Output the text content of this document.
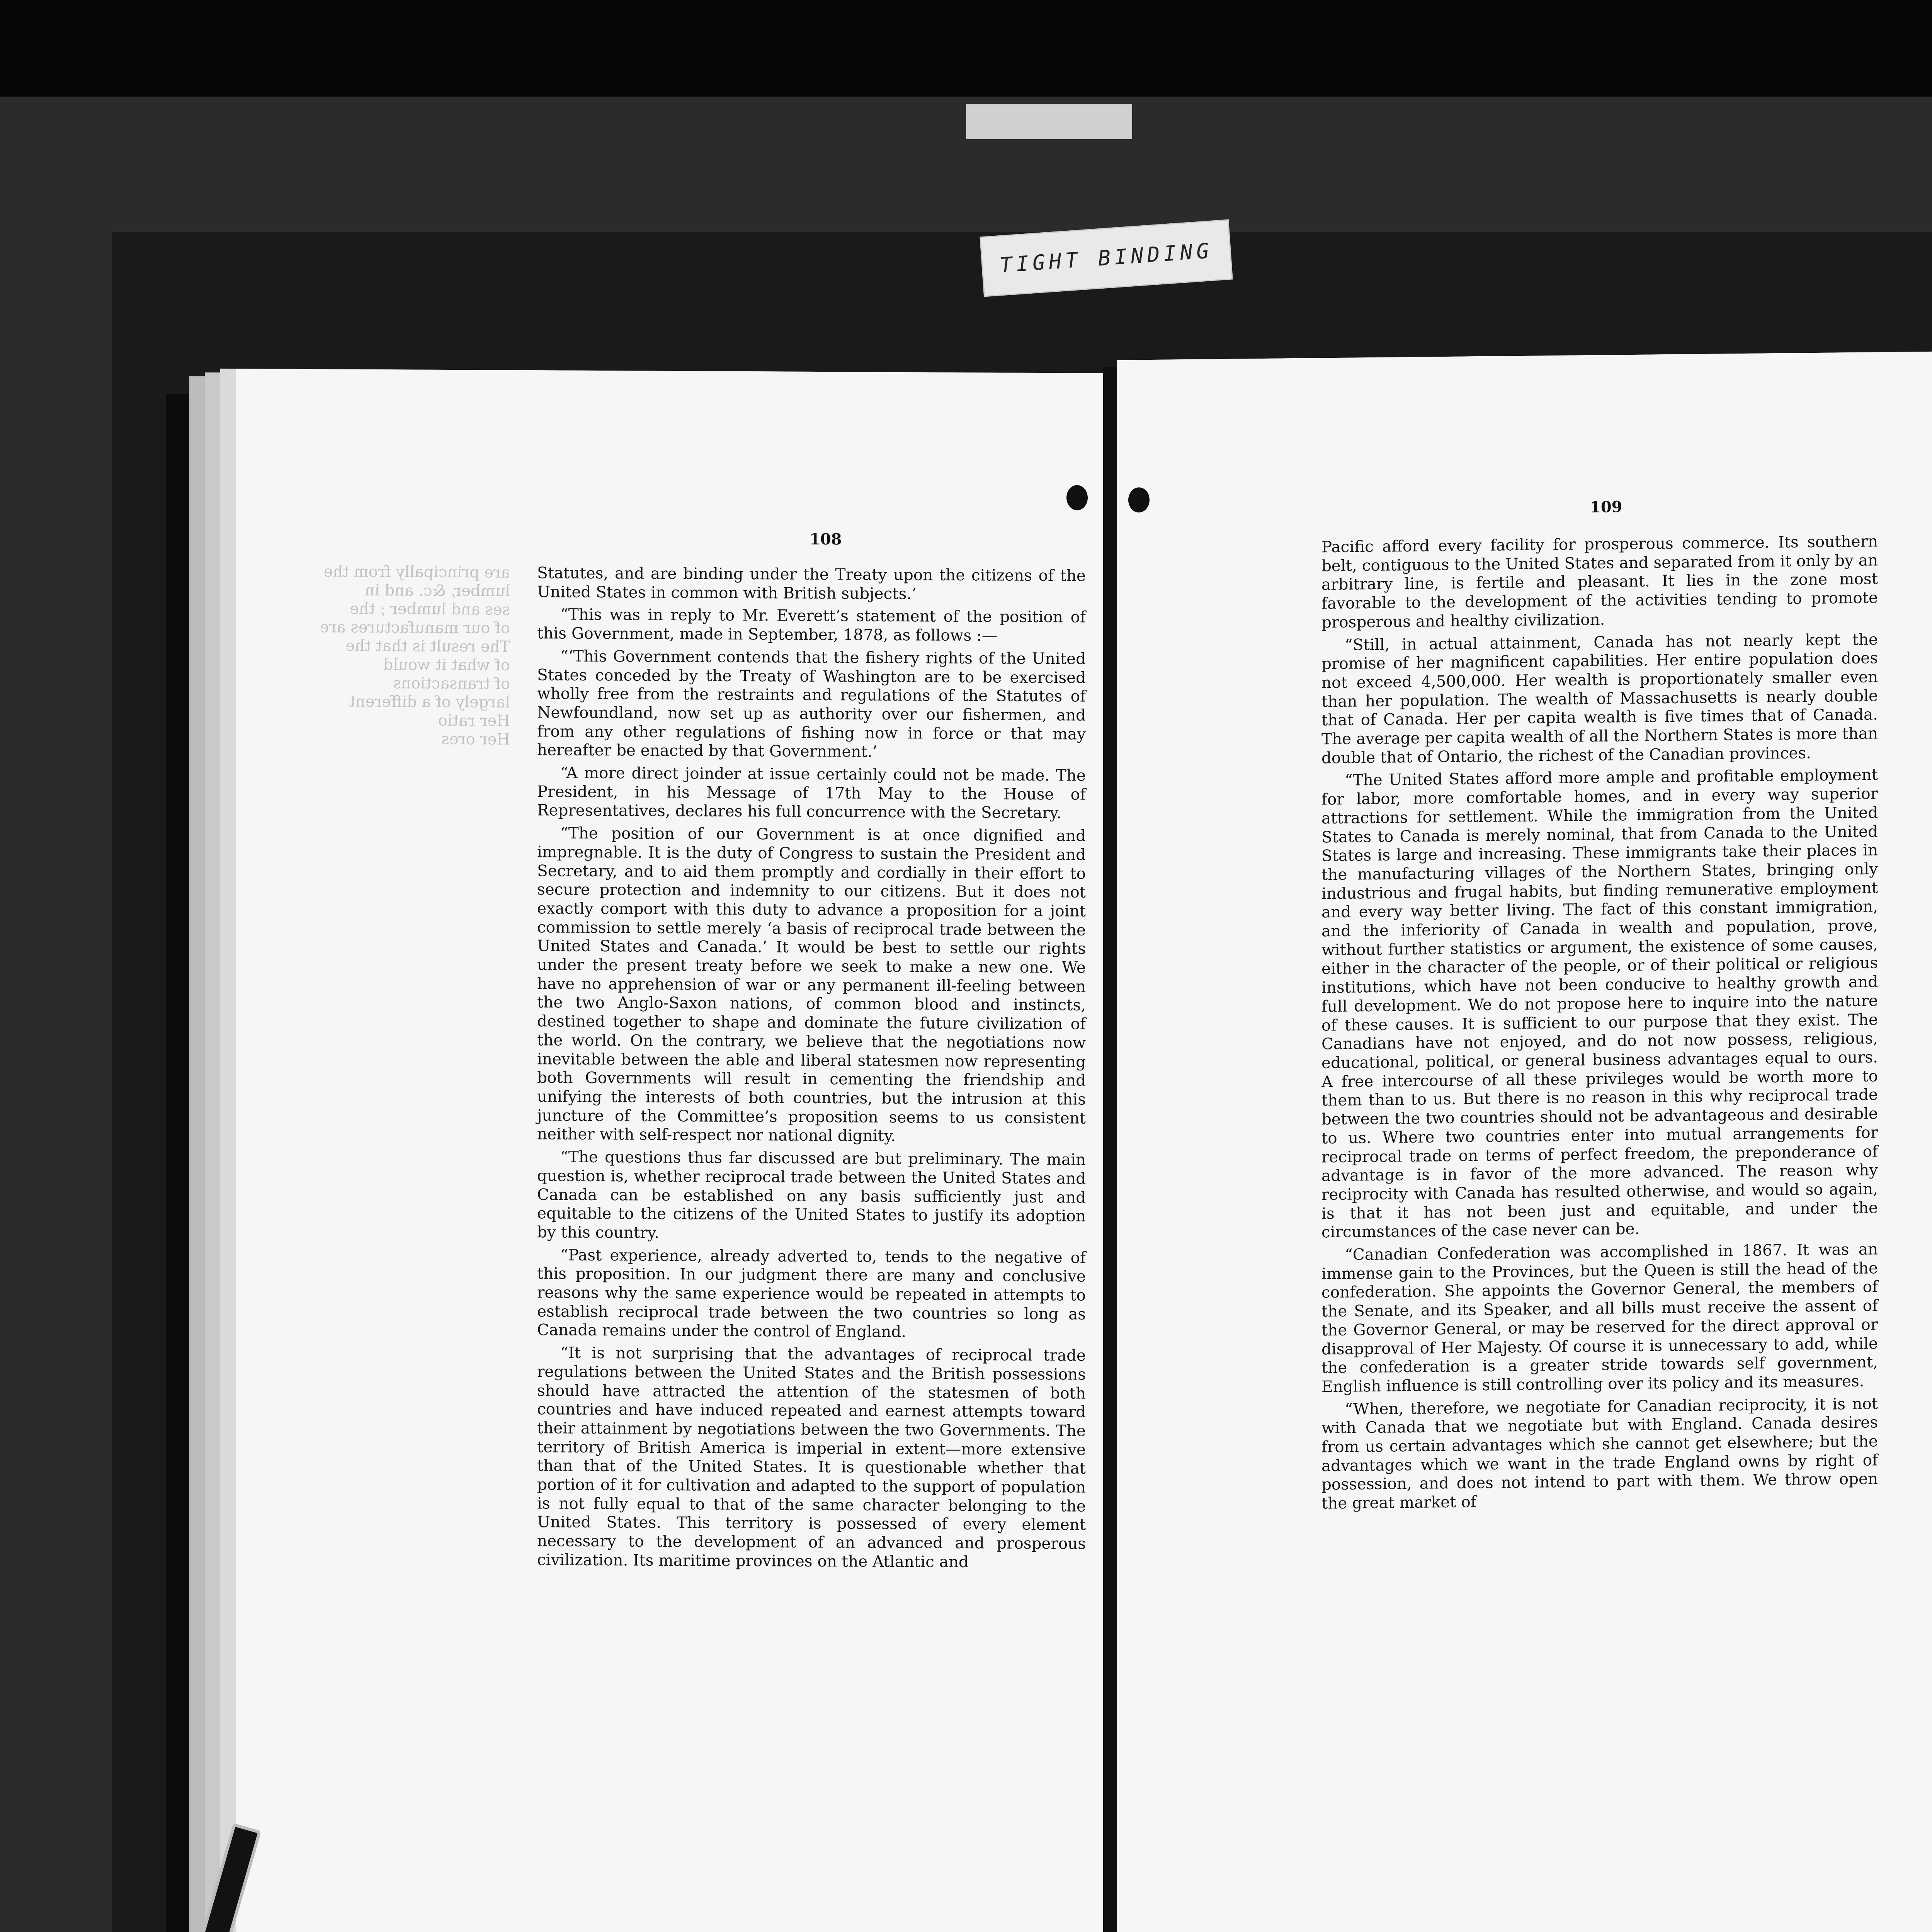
TIGHT BINDING
are principally from the
lumber, &c. and in
ses and lumber ; the
of our manufactures are
The result is that the
of what it would
of transactions
largely of a different
Her ratio
Her ores
108

Statutes, and are binding under the Treaty upon the citizens of the United States in common with British subjects.’

“This was in reply to Mr. Everett’s statement of the position of this Government, made in September, 1878, as follows :—

“‘This Government contends that the fishery rights of the United States conceded by the Treaty of Washington are to be exercised wholly free from the restraints and regulations of the Statutes of Newfoundland, now set up as authority over our fishermen, and from any other regulations of fishing now in force or that may hereafter be enacted by that Government.’

“A more direct joinder at issue certainly could not be made. The President, in his Message of 17th May to the House of Representatives, declares his full concurrence with the Secretary.

“The position of our Government is at once dignified and impregnable. It is the duty of Congress to sustain the President and Secretary, and to aid them promptly and cordially in their effort to secure protection and indemnity to our citizens. But it does not exactly comport with this duty to advance a proposition for a joint commission to settle merely ‘a basis of reciprocal trade between the United States and Canada.’ It would be best to settle our rights under the present treaty before we seek to make a new one. We have no apprehension of war or any permanent ill-feeling between the two Anglo-Saxon nations, of common blood and instincts, destined together to shape and dominate the future civilization of the world. On the contrary, we believe that the negotiations now inevitable between the able and liberal statesmen now representing both Governments will result in cementing the friendship and unifying the interests of both countries, but the intrusion at this juncture of the Committee’s proposition seems to us consistent neither with self-respect nor national dignity.

“The questions thus far discussed are but preliminary. The main question is, whether reciprocal trade between the United States and Canada can be established on any basis sufficiently just and equitable to the citizens of the United States to justify its adoption by this country.

“Past experience, already adverted to, tends to the negative of this proposition. In our judgment there are many and conclusive reasons why the same experience would be repeated in attempts to establish reciprocal trade between the two countries so long as Canada remains under the control of England.

“It is not surprising that the advantages of reciprocal trade regulations between the United States and the British possessions should have attracted the attention of the statesmen of both countries and have induced repeated and earnest attempts toward their attainment by negotiations between the two Governments. The territory of British America is imperial in extent—more extensive than that of the United States. It is questionable whether that portion of it for cultivation and adapted to the support of population is not fully equal to that of the same character belonging to the United States. This territory is possessed of every element necessary to the development of an advanced and prosperous civilization. Its maritime provinces on the Atlantic and

109

Pacific afford every facility for prosperous commerce. Its southern belt, contiguous to the United States and separated from it only by an arbitrary line, is fertile and pleasant. It lies in the zone most favorable to the development of the activities tending to promote prosperous and healthy civilization.

“Still, in actual attainment, Canada has not nearly kept the promise of her magnificent capabilities. Her entire population does not exceed 4,500,000. Her wealth is proportionately smaller even than her population. The wealth of Massachusetts is nearly double that of Canada. Her per capita wealth is five times that of Canada. The average per capita wealth of all the Northern States is more than double that of Ontario, the richest of the Canadian provinces.

“The United States afford more ample and profitable employment for labor, more comfortable homes, and in every way superior attractions for settlement. While the immigration from the United States to Canada is merely nominal, that from Canada to the United States is large and increasing. These immigrants take their places in the manufacturing villages of the Northern States, bringing only industrious and frugal habits, but finding remunerative employment and every way better living. The fact of this constant immigration, and the inferiority of Canada in wealth and population, prove, without further statistics or argument, the existence of some causes, either in the character of the people, or of their political or religious institutions, which have not been conducive to healthy growth and full development. We do not propose here to inquire into the nature of these causes. It is sufficient to our purpose that they exist. The Canadians have not enjoyed, and do not now possess, religious, educational, political, or general business advantages equal to ours. A free intercourse of all these privileges would be worth more to them than to us. But there is no reason in this why reciprocal trade between the two countries should not be advantageous and desirable to us. Where two countries enter into mutual arrangements for reciprocal trade on terms of perfect freedom, the preponderance of advantage is in favor of the more advanced. The reason why reciprocity with Canada has resulted otherwise, and would so again, is that it has not been just and equitable, and under the circumstances of the case never can be.

“Canadian Confederation was accomplished in 1867. It was an immense gain to the Provinces, but the Queen is still the head of the confederation. She appoints the Governor General, the members of the Senate, and its Speaker, and all bills must receive the assent of the Governor General, or may be reserved for the direct approval or disapproval of Her Majesty. Of course it is unnecessary to add, while the confederation is a greater stride towards self government, English influence is still controlling over its policy and its measures.

“When, therefore, we negotiate for Canadian reciprocity, it is not with Canada that we negotiate but with England. Canada desires from us certain advantages which she cannot get elsewhere; but the advantages which we want in the trade England owns by right of possession, and does not intend to part with them. We throw open the great market of
